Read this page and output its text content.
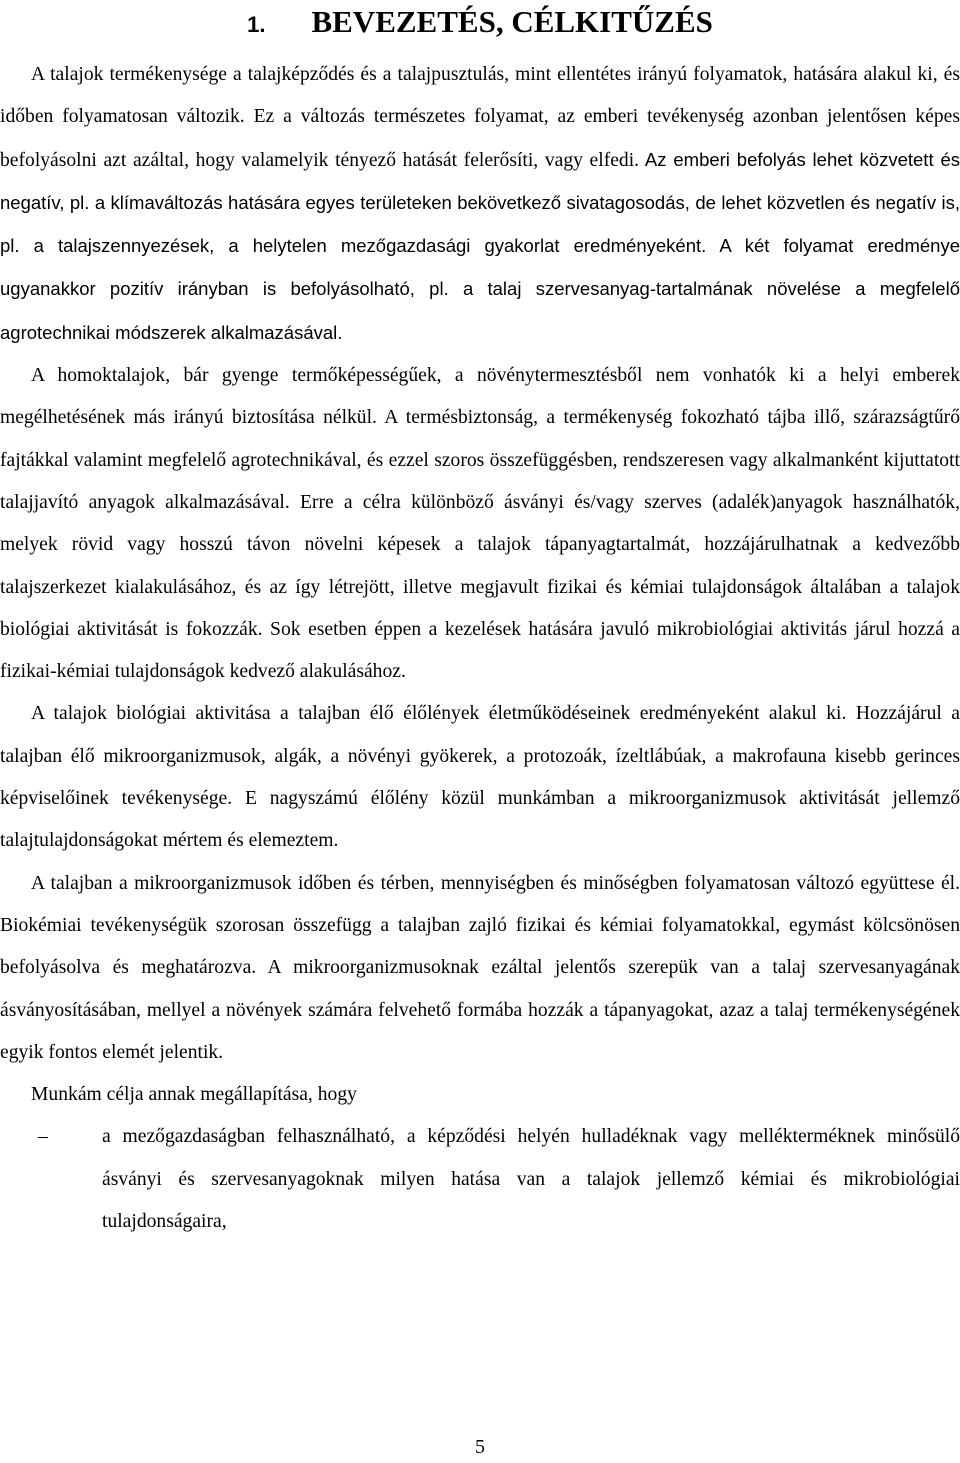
1. BEVEZETÉS, CÉLKITŰZÉS

A talajok termékenysége a talajképződés és a talajpusztulás, mint ellentétes irányú folyamatok, hatására alakul ki, és időben folyamatosan változik. Ez a változás természetes folyamat, az emberi tevékenység azonban jelentősen képes befolyásolni azt azáltal, hogy valamelyik tényező hatását felerősíti, vagy elfedi. Az emberi befolyás lehet közvetett és negatív, pl. a klímaváltozás hatására egyes területeken bekövetkező sivatagosodás, de lehet közvetlen és negatív is, pl. a talajszennyezések, a helytelen mezőgazdasági gyakorlat eredményeként. A két folyamat eredménye ugyanakkor pozitív irányban is befolyásolható, pl. a talaj szervesanyag-tartalmának növelése a megfelelő agrotechnikai módszerek alkalmazásával.

A homoktalajok, bár gyenge termőképességűek, a növénytermesztésből nem vonhatók ki a helyi emberek megélhetésének más irányú biztosítása nélkül. A termésbiztonság, a termékenység fokozható tájba illő, szárazságtűrő fajtákkal valamint megfelelő agrotechnikával, és ezzel szoros összefüggésben, rendszeresen vagy alkalmanként kijuttatott talajjavító anyagok alkalmazásával. Erre a célra különböző ásványi és/vagy szerves (adalék)anyagok használhatók, melyek rövid vagy hosszú távon növelni képesek a talajok tápanyagtartalmát, hozzájárulhatnak a kedvezőbb talajszerkezet kialakulásához, és az így létrejött, illetve megjavult fizikai és kémiai tulajdonságok általában a talajok biológiai aktivitását is fokozzák. Sok esetben éppen a kezelések hatására javuló mikrobiológiai aktivitás járul hozzá a fizikai-kémiai tulajdonságok kedvező alakulásához.

A talajok biológiai aktivitása a talajban élő élőlények életműködéseinek eredményeként alakul ki. Hozzájárul a talajban élő mikroorganizmusok, algák, a növényi gyökerek, a protozoák, ízeltlábúak, a makrofauna kisebb gerinces képviselőinek tevékenysége. E nagyszámú élőlény közül munkámban a mikroorganizmusok aktivitását jellemző talajtulajdonságokat mértem és elemeztem.

A talajban a mikroorganizmusok időben és térben, mennyiségben és minőségben folyamatosan változó együttese él. Biokémiai tevékenységük szorosan összefügg a talajban zajló fizikai és kémiai folyamatokkal, egymást kölcsönösen befolyásolva és meghatározva. A mikroorganizmusoknak ezáltal jelentős szerepük van a talaj szervesanyagának ásványosításában, mellyel a növények számára felvehető formába hozzák a tápanyagokat, azaz a talaj termékenységének egyik fontos elemét jelentik.

Munkám célja annak megállapítása, hogy

–	a mezőgazdaságban felhasználható, a képződési helyén hulladéknak vagy mellékterméknek minősülő ásványi és szervesanyagoknak milyen hatása van a talajok jellemző kémiai és mikrobiológiai tulajdonságaira,
5
